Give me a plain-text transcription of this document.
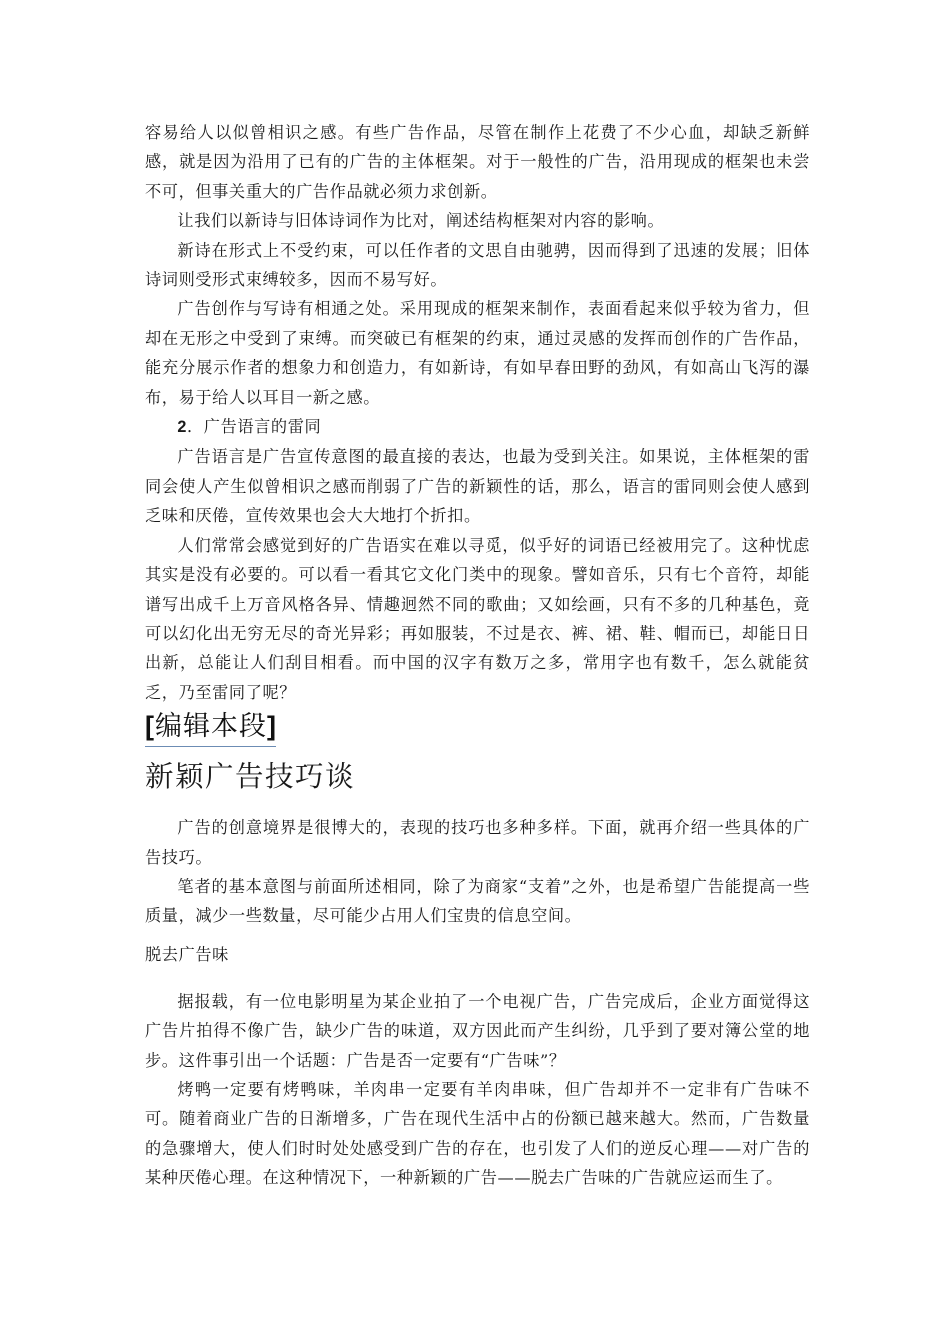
容易给人以似曾相识之感。有些广告作品，尽管在制作上花费了不少心血，却缺乏新鲜感，就是因为沿用了已有的广告的主体框架。对于一般性的广告，沿用现成的框架也未尝不可，但事关重大的广告作品就必须力求创新。

让我们以新诗与旧体诗词作为比对，阐述结构框架对内容的影响。

新诗在形式上不受约束，可以任作者的文思自由驰骋，因而得到了迅速的发展；旧体诗词则受形式束缚较多，因而不易写好。

广告创作与写诗有相通之处。采用现成的框架来制作，表面看起来似乎较为省力，但却在无形之中受到了束缚。而突破已有框架的约束，通过灵感的发挥而创作的广告作品，能充分展示作者的想象力和创造力，有如新诗，有如早春田野的劲风，有如高山飞泻的瀑布，易于给人以耳目一新之感。

2．广告语言的雷同

广告语言是广告宣传意图的最直接的表达，也最为受到关注。如果说，主体框架的雷同会使人产生似曾相识之感而削弱了广告的新颖性的话，那么，语言的雷同则会使人感到乏味和厌倦，宣传效果也会大大地打个折扣。

人们常常会感觉到好的广告语实在难以寻觅，似乎好的词语已经被用完了。这种忧虑其实是没有必要的。可以看一看其它文化门类中的现象。譬如音乐，只有七个音符，却能谱写出成千上万音风格各异、情趣迥然不同的歌曲；又如绘画，只有不多的几种基色，竟可以幻化出无穷无尽的奇光异彩；再如服装，不过是衣、裤、裙、鞋、帽而已，却能日日出新，总能让人们刮目相看。而中国的汉字有数万之多，常用字也有数千，怎么就能贫乏，乃至雷同了呢？

[编辑本段]
新颖广告技巧谈

广告的创意境界是很博大的，表现的技巧也多种多样。下面，就再介绍一些具体的广告技巧。

笔者的基本意图与前面所述相同，除了为商家“支着”之外，也是希望广告能提高一些质量，减少一些数量，尽可能少占用人们宝贵的信息空间。

脱去广告味

据报载，有一位电影明星为某企业拍了一个电视广告，广告完成后，企业方面觉得这广告片拍得不像广告，缺少广告的味道，双方因此而产生纠纷，几乎到了要对簿公堂的地步。这件事引出一个话题：广告是否一定要有“广告味”？

烤鸭一定要有烤鸭味，羊肉串一定要有羊肉串味，但广告却并不一定非有广告味不可。随着商业广告的日渐增多，广告在现代生活中占的份额已越来越大。然而，广告数量的急骤增大，使人们时时处处感受到广告的存在，也引发了人们的逆反心理——对广告的某种厌倦心理。在这种情况下，一种新颖的广告——脱去广告味的广告就应运而生了。
